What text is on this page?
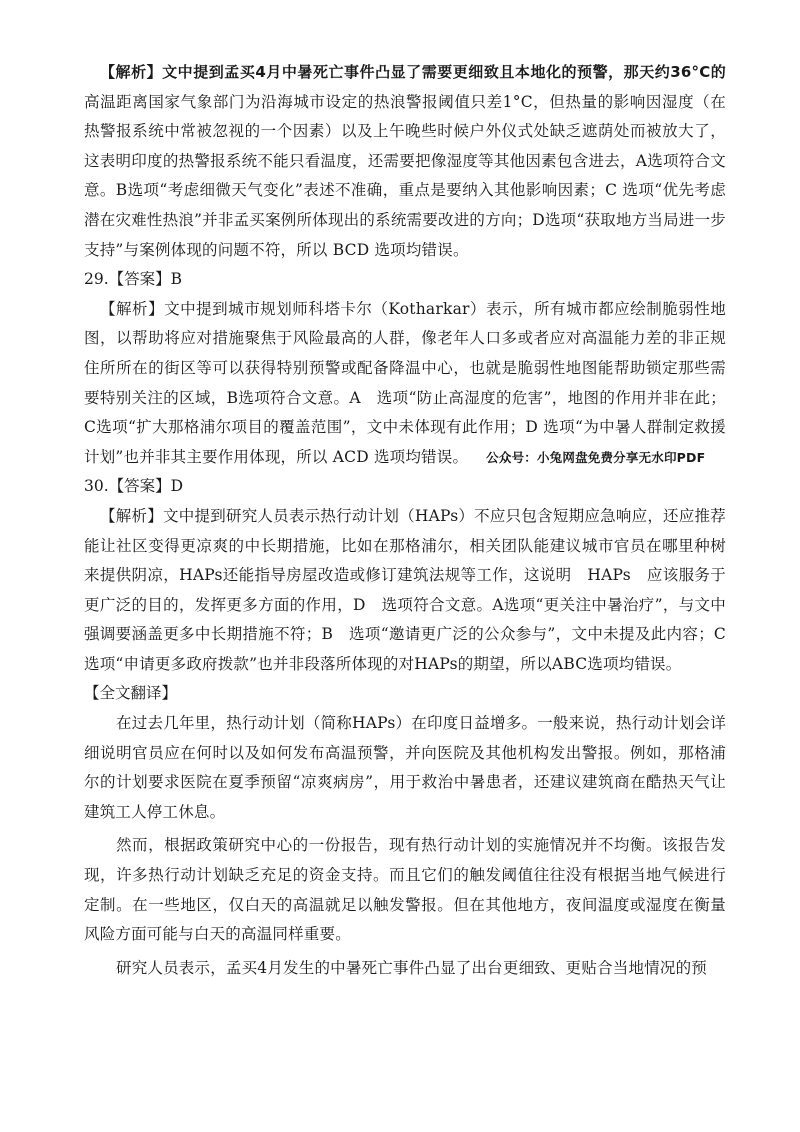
【解析】文中提到孟买4月中暑死亡事件凸显了需要更细致且本地化的预警，那天约36°C的高温距离国家气象部门为沿海城市设定的热浪警报阈值只差1°C，但热量的影响因湿度（在热警报系统中常被忽视的一个因素）以及上午晚些时候户外仪式处缺乏遮荫处而被放大了，这表明印度的热警报系统不能只看温度，还需要把像湿度等其他因素包含进去，A选项符合文意。B选项“考虑细微天气变化”表述不准确，重点是要纳入其他影响因素；C 选项“优先考虑潜在灾难性热浪”并非孟买案例所体现出的系统需要改进的方向；D选项“获取地方当局进一步支持”与案例体现的问题不符，所以 BCD 选项均错误。

29.【答案】B

【解析】文中提到城市规划师科塔卡尔（Kotharkar）表示，所有城市都应绘制脆弱性地图，以帮助将应对措施聚焦于风险最高的人群，像老年人口多或者应对高温能力差的非正规住所所在的街区等可以获得特别预警或配备降温中心，也就是脆弱性地图能帮助锁定那些需要特别关注的区域，B选项符合文意。A　选项“防止高湿度的危害”，地图的作用并非在此；C选项“扩大那格浦尔项目的覆盖范围”，文中未体现有此作用；D 选项“为中暑人群制定救援计划”也并非其主要作用体现，所以 ACD 选项均错误。 公众号：小兔网盘免费分享无水印PDF

30.【答案】D

【解析】文中提到研究人员表示热行动计划（HAPs）不应只包含短期应急响应，还应推荐能让社区变得更凉爽的中长期措施，比如在那格浦尔，相关团队能建议城市官员在哪里种树来提供阴凉，HAPs还能指导房屋改造或修订建筑法规等工作，这说明　HAPs　应该服务于更广泛的目的，发挥更多方面的作用，D　选项符合文意。A选项“更关注中暑治疗”，与文中强调要涵盖更多中长期措施不符；B　选项“邀请更广泛的公众参与”，文中未提及此内容；C选项“申请更多政府拨款”也并非段落所体现的对HAPs的期望，所以ABC选项均错误。

【全文翻译】

在过去几年里，热行动计划（简称HAPs）在印度日益增多。一般来说，热行动计划会详细说明官员应在何时以及如何发布高温预警，并向医院及其他机构发出警报。例如，那格浦尔的计划要求医院在夏季预留“凉爽病房”，用于救治中暑患者，还建议建筑商在酷热天气让建筑工人停工休息。

然而，根据政策研究中心的一份报告，现有热行动计划的实施情况并不均衡。该报告发现，许多热行动计划缺乏充足的资金支持。而且它们的触发阈值往往没有根据当地气候进行定制。在一些地区，仅白天的高温就足以触发警报。但在其他地方，夜间温度或湿度在衡量风险方面可能与白天的高温同样重要。

研究人员表示，孟买4月发生的中暑死亡事件凸显了出台更细致、更贴合当地情况的预
